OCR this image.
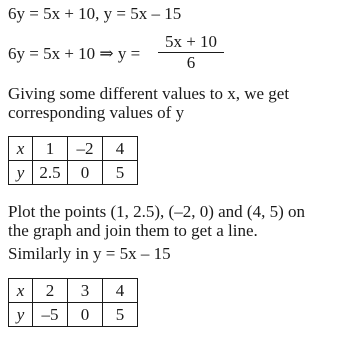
6y = 5x + 10, y = 5x – 15
6y = 5x + 10 ⇒ y =
5x + 10
6
Giving some different values to x, we get
corresponding values of y
x	1	–2	4
y	2.5	0	5
Plot the points (1, 2.5), (–2, 0) and (4, 5) on
the graph and join them to get a line.
Similarly in y = 5x – 15
x	2	3	4
y	–5	0	5
